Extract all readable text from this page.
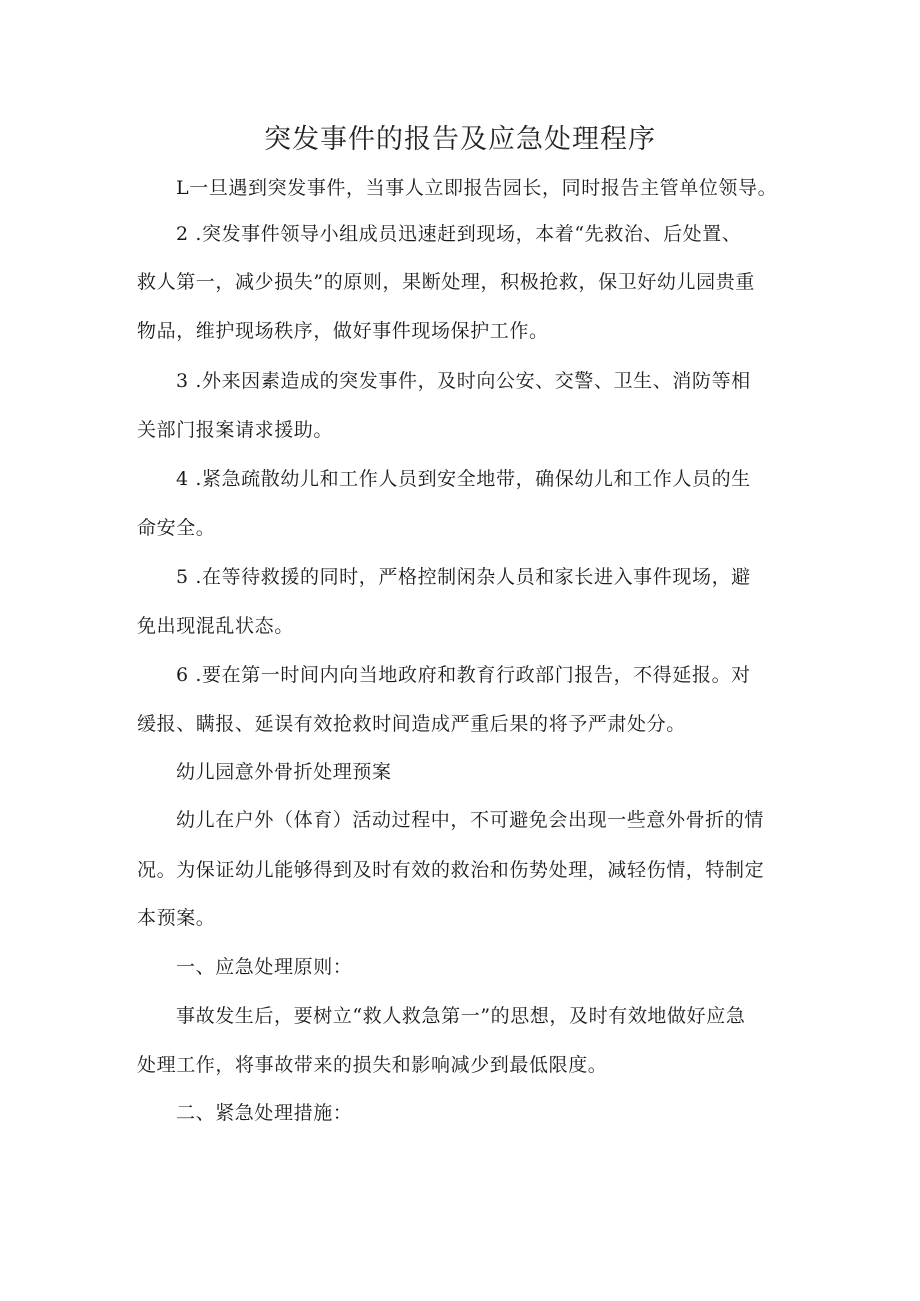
突发事件的报告及应急处理程序
L一旦遇到突发事件，当事人立即报告园长，同时报告主管单位领导。
2 .突发事件领导小组成员迅速赶到现场，本着“先救治、后处置、
救人第一，减少损失”的原则，果断处理，积极抢救，保卫好幼儿园贵重
物品，维护现场秩序，做好事件现场保护工作。
3 .外来因素造成的突发事件，及时向公安、交警、卫生、消防等相
关部门报案请求援助。
4 .紧急疏散幼儿和工作人员到安全地带，确保幼儿和工作人员的生
命安全。
5 .在等待救援的同时，严格控制闲杂人员和家长进入事件现场，避
免出现混乱状态。
6 .要在第一时间内向当地政府和教育行政部门报告，不得延报。对
缓报、瞒报、延误有效抢救时间造成严重后果的将予严肃处分。
幼儿园意外骨折处理预案
幼儿在户外（体育）活动过程中，不可避免会出现一些意外骨折的情
况。为保证幼儿能够得到及时有效的救治和伤势处理，减轻伤情，特制定
本预案。
一、应急处理原则：
事故发生后，要树立“救人救急第一”的思想，及时有效地做好应急
处理工作，将事故带来的损失和影响减少到最低限度。
二、紧急处理措施：
